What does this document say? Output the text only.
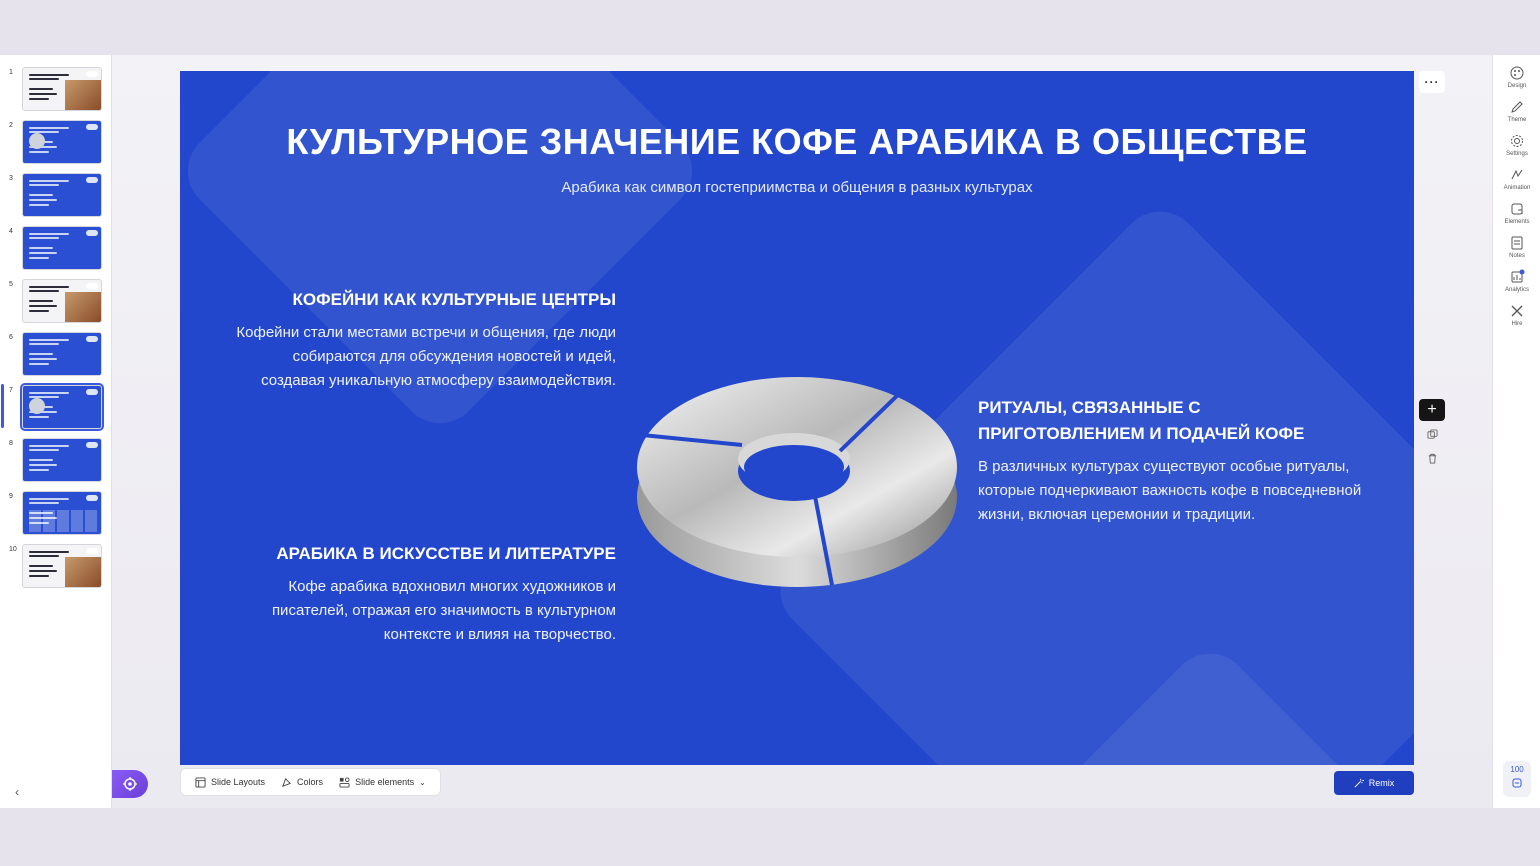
‹
1
2
3
4
5
6
7
8
9
10
КУЛЬТУРНОЕ ЗНАЧЕНИЕ КОФЕ АРАБИКА В ОБЩЕСТВЕ
Арабика как символ гостеприимства и общения в разных культурах
КОФЕЙНИ КАК КУЛЬТУРНЫЕ ЦЕНТРЫ

Кофейни стали местами встречи и общения, где люди собираются для обсуждения новостей и идей, создавая уникальную атмосферу взаимодействия.

АРАБИКА В ИСКУССТВЕ И ЛИТЕРАТУРЕ

Кофе арабика вдохновил многих художников и писателей, отражая его значимость в культурном контексте и влияя на творчество.

РИТУАЛЫ, СВЯЗАННЫЕ С ПРИГОТОВЛЕНИЕМ И ПОДАЧЕЙ КОФЕ

В различных культурах существуют особые ритуалы, которые подчеркивают важность кофе в повседневной жизни, включая церемонии и традиции.

···
+
100
Design
Theme
Settings
Animation
Elements
Notes
Analytics
Hire
Slide Layouts	Colors	Slide elements ⌄	Remix
